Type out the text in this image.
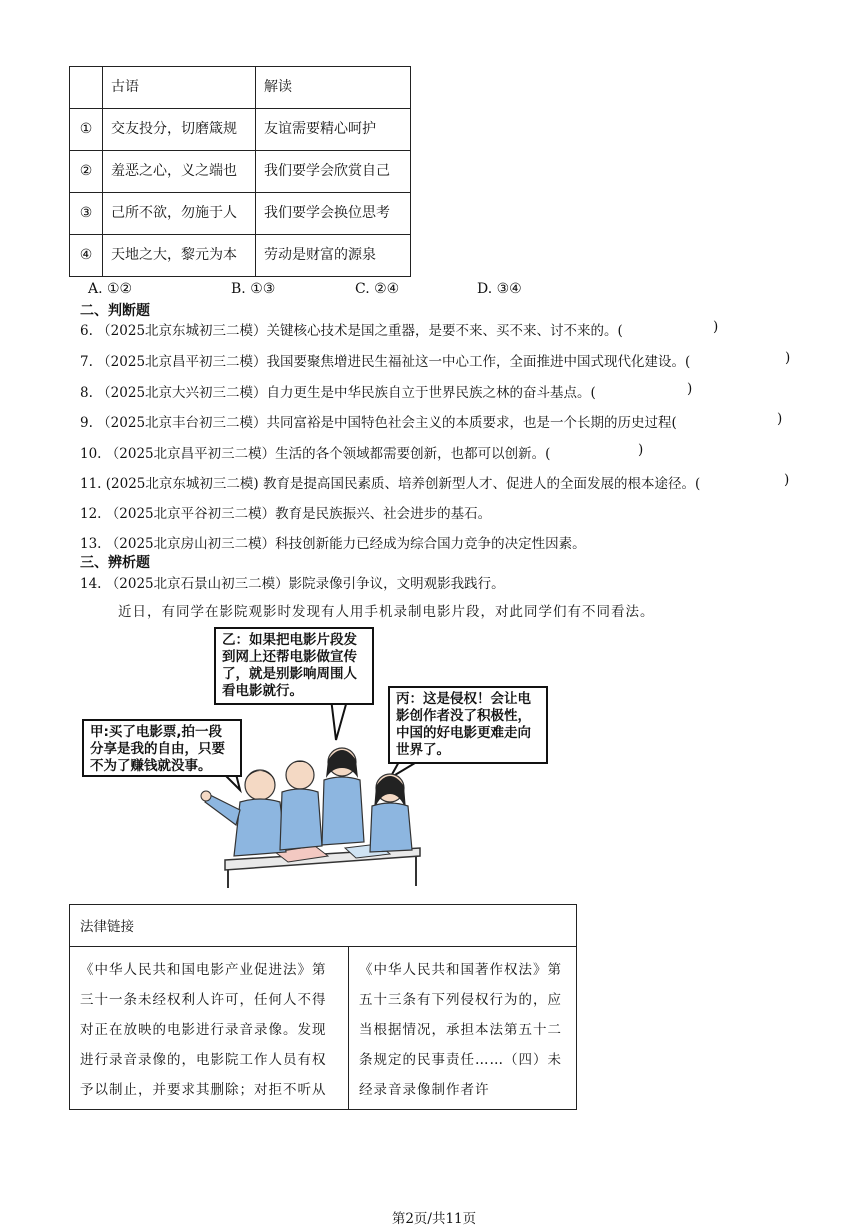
	古语	解读
①	交友投分，切磨箴规	友谊需要精心呵护
②	羞恶之心，义之端也	我们要学会欣赏自己
③	己所不欲，勿施于人	我们要学会换位思考
④	天地之大，黎元为本	劳动是财富的源泉
A. ①②	B. ①③	C. ②④	D. ③④
二、判断题
6. （2025北京东城初三二模）关键核心技术是国之重器，是要不来、买不来、讨不来的。(	)
7. （2025北京昌平初三二模）我国要聚焦增进民生福祉这一中心工作，全面推进中国式现代化建设。(	)
8. （2025北京大兴初三二模）自力更生是中华民族自立于世界民族之林的奋斗基点。(	)
9. （2025北京丰台初三二模）共同富裕是中国特色社会主义的本质要求，也是一个长期的历史过程(	)
10. （2025北京昌平初三二模）生活的各个领域都需要创新，也都可以创新。(	)
11. (2025北京东城初三二模) 教育是提高国民素质、培养创新型人才、促进人的全面发展的根本途径。(	)
12. （2025北京平谷初三二模）教育是民族振兴、社会进步的基石。
13. （2025北京房山初三二模）科技创新能力已经成为综合国力竞争的决定性因素。
三、辨析题
14. （2025北京石景山初三二模）影院录像引争议，文明观影我践行。
近日，有同学在影院观影时发现有人用手机录制电影片段，对此同学们有不同看法。
乙：如果把电影片段发到网上还帮电影做宣传了，就是别影响周围人看电影就行。	丙：这是侵权！会让电影创作者没了积极性，中国的好电影更难走向世界了。
甲:买了电影票,拍一段分享是我的自由，只要不为了赚钱就没事。
法律链接
《中华人民共和国电影产业促进法》第三十一条未经权利人许可，任何人不得对正在放映的电影进行录音录像。发现进行录音录像的，电影院工作人员有权予以制止，并要求其删除；对拒不听从
《中华人民共和国著作权法》第五十三条有下列侵权行为的，应当根据情况，承担本法第五十二条规定的民事责任……（四）未经录音录像制作者许
第2页/共11页
